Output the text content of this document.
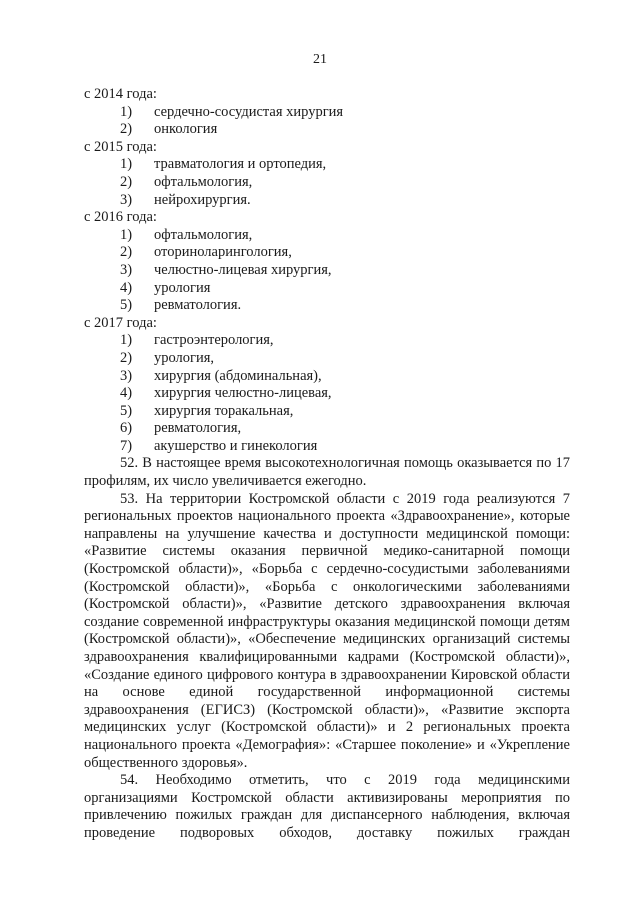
21

с 2014 года:

1)	сердечно-сосудистая хирургия
2)	онкология

с 2015 года:

1)	травматология и ортопедия,
2)	офтальмология,
3)	нейрохирургия.

с 2016 года:

1)	офтальмология,
2)	оториноларингология,
3)	челюстно-лицевая хирургия,
4)	урология
5)	ревматология.

с 2017 года:

1)	гастроэнтерология,
2)	урология,
3)	хирургия (абдоминальная),
4)	хирургия челюстно-лицевая,
5)	хирургия торакальная,
6)	ревматология,
7)	акушерство и гинекология

52. В настоящее время высокотехнологичная помощь оказывается по 17 профилям, их число увеличивается ежегодно.

53. На территории Костромской области с 2019 года реализуются 7 региональных проектов национального проекта «Здравоохранение», которые направлены на улучшение качества и доступности медицинской помощи: «Развитие системы оказания первичной медико-санитарной помощи (Костромской области)», «Борьба с сердечно-сосудистыми заболеваниями (Костромской области)», «Борьба с онкологическими заболеваниями (Костромской области)», «Развитие детского здравоохранения включая создание современной инфраструктуры оказания медицинской помощи детям (Костромской области)», «Обеспечение медицинских организаций системы здравоохранения квалифицированными кадрами (Костромской области)», «Создание единого цифрового контура в здравоохранении Кировской области на основе единой государственной информационной системы здравоохранения (ЕГИСЗ) (Костромской области)», «Развитие экспорта медицинских услуг (Костромской области)» и 2 региональных проекта национального проекта «Демография»: «Старшее поколение» и «Укрепление общественного здоровья».

54. Необходимо отметить, что с 2019 года медицинскими организациями Костромской области активизированы мероприятия по привлечению пожилых граждан для диспансерного наблюдения, включая проведение подворовых обходов, доставку пожилых граждан
